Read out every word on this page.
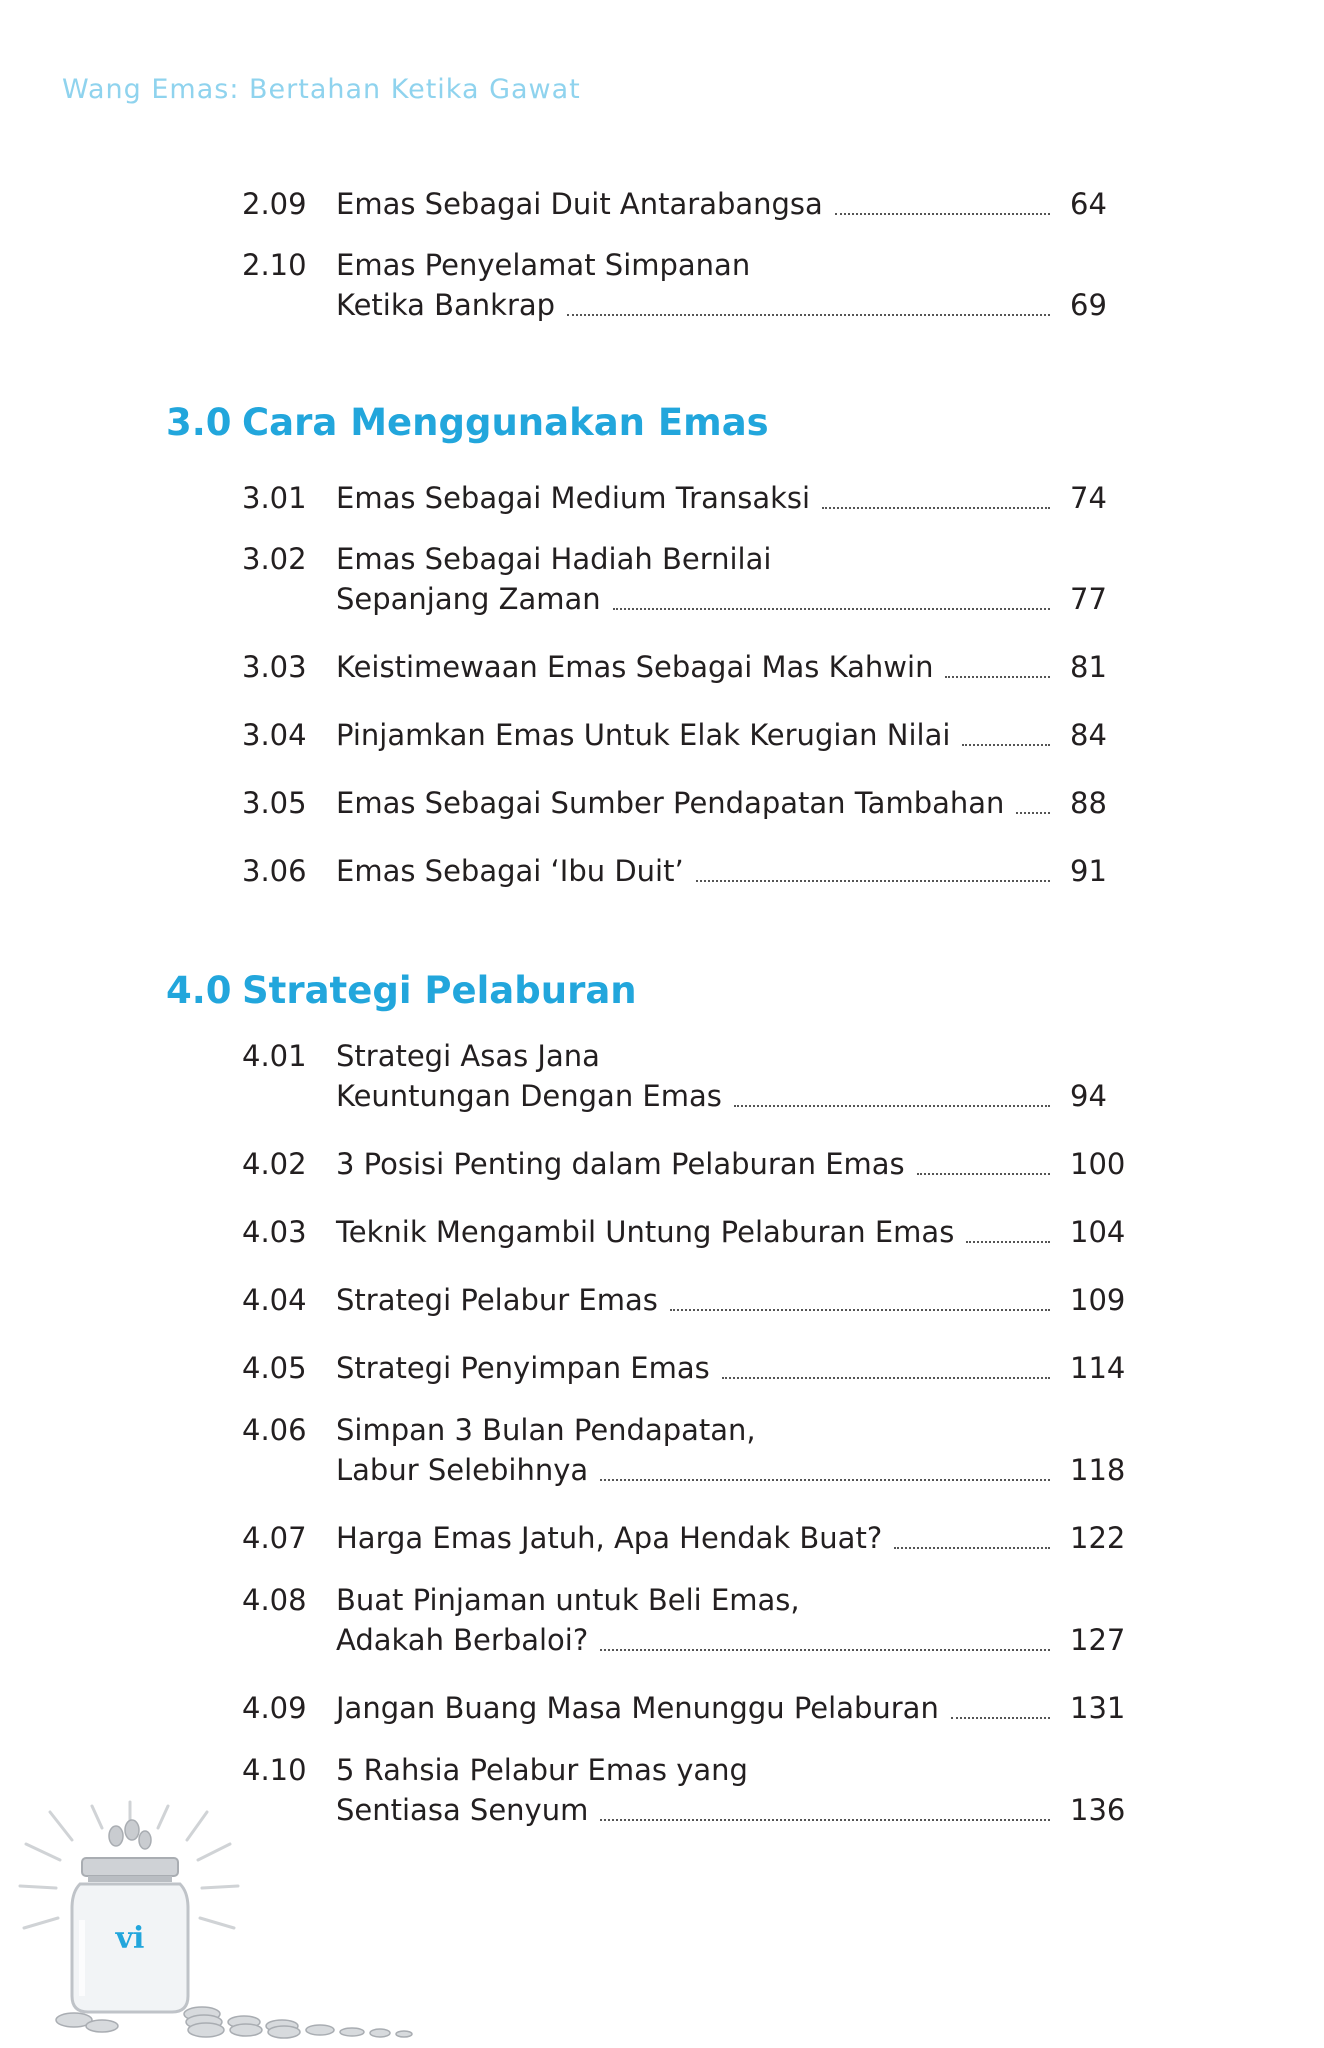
Wang Emas: Bertahan Ketika Gawat
2.09 Emas Sebagai Duit Antarabangsa	64
2.10 Emas Penyelamat Simpanan
Ketika Bankrap	69
3.0 Cara Menggunakan Emas
3.01 Emas Sebagai Medium Transaksi	74
3.02 Emas Sebagai Hadiah Bernilai
Sepanjang Zaman	77
3.03 Keistimewaan Emas Sebagai Mas Kahwin	81
3.04 Pinjamkan Emas Untuk Elak Kerugian Nilai	84
3.05 Emas Sebagai Sumber Pendapatan Tambahan	88
3.06 Emas Sebagai ‘Ibu Duit’	91
4.0 Strategi Pelaburan
4.01 Strategi Asas Jana
Keuntungan Dengan Emas	94
4.02 3 Posisi Penting dalam Pelaburan Emas	100
4.03 Teknik Mengambil Untung Pelaburan Emas	104
4.04 Strategi Pelabur Emas	109
4.05 Strategi Penyimpan Emas	114
4.06 Simpan 3 Bulan Pendapatan,
Labur Selebihnya	118
4.07 Harga Emas Jatuh, Apa Hendak Buat?	122
4.08 Buat Pinjaman untuk Beli Emas,
Adakah Berbaloi?	127
4.09 Jangan Buang Masa Menunggu Pelaburan	131
4.10 5 Rahsia Pelabur Emas yang
Sentiasa Senyum	136
vi
